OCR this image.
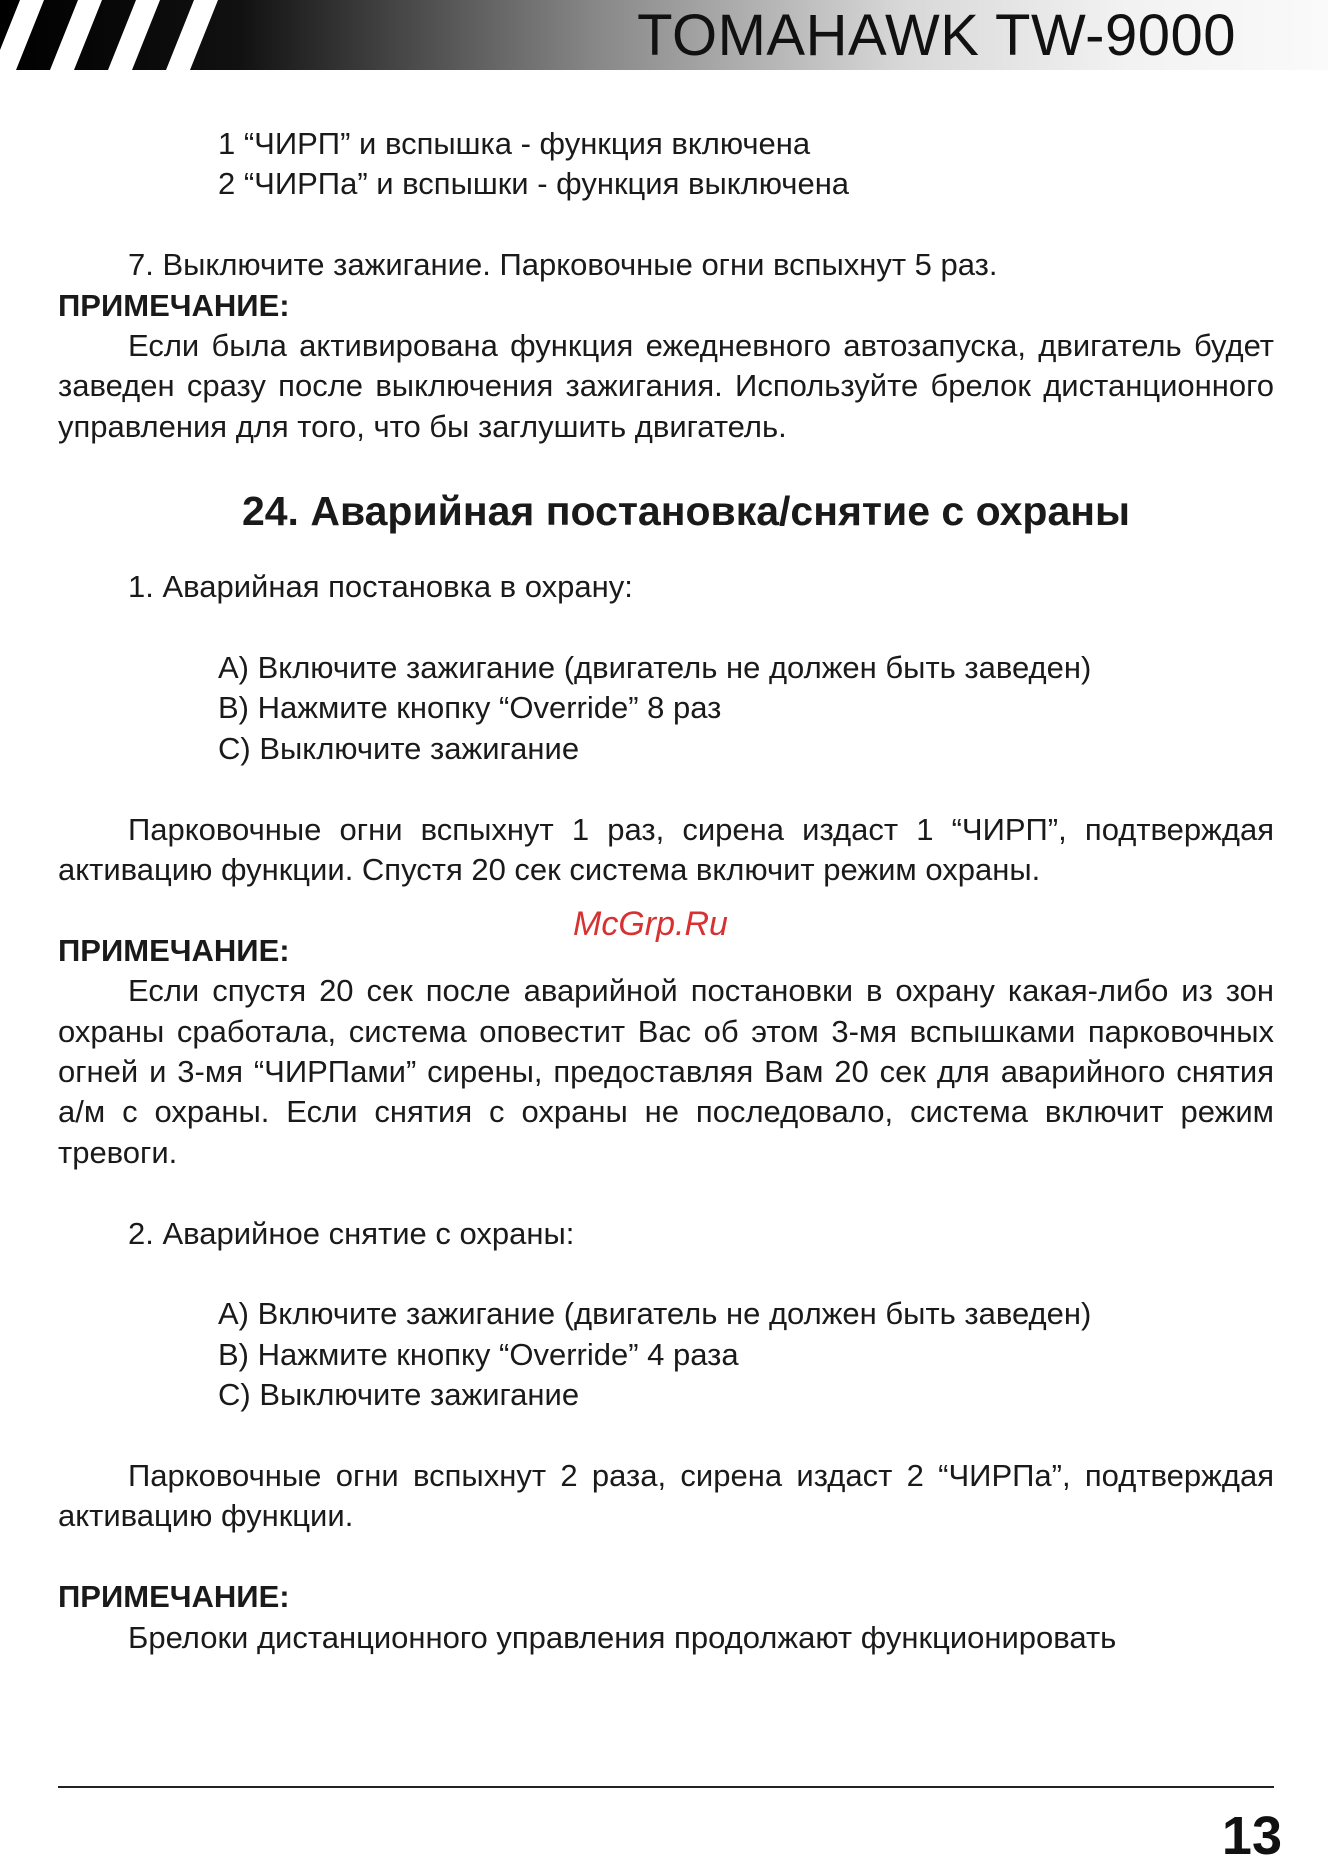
TOMAHAWK TW-9000

1 “ЧИРП” и вспышка - функция включена

2 “ЧИРПа” и вспышки - функция выключена

7. Выключите зажигание. Парковочные огни вспыхнут 5 раз.

ПРИМЕЧАНИЕ:

Если была активирована функция ежедневного автозапуска, двигатель будет заведен сразу после выключения зажигания. Используйте брелок дистанционного управления для того, что бы заглушить двигатель.

24. Аварийная постановка/снятие с охраны

1. Аварийная постановка в охрану:

A) Включите зажигание (двигатель не должен быть заведен)

B) Нажмите кнопку “Override” 8 раз

C) Выключите зажигание

Парковочные огни вспыхнут 1 раз, сирена издаст 1 “ЧИРП”, подтверждая активацию функции. Спустя 20 сек система включит режим охраны.

ПРИМЕЧАНИЕ:

Если спустя 20 сек после аварийной постановки в охрану какая-либо из зон охраны сработала, система оповестит Вас об этом 3-мя вспышками парковочных огней и 3-мя “ЧИРПами” сирены, предоставляя Вам 20 сек для аварийного снятия а/м с охраны. Если снятия с охраны не последовало, система включит режим тревоги.

2. Аварийное снятие с охраны:

A) Включите зажигание (двигатель не должен быть заведен)

B) Нажмите кнопку “Override” 4 раза

C) Выключите зажигание

Парковочные огни вспыхнут 2 раза, сирена издаст 2 “ЧИРПа”, подтверждая активацию функции.

ПРИМЕЧАНИЕ:

Брелоки дистанционного управления продолжают функционировать

McGrp.Ru
13
